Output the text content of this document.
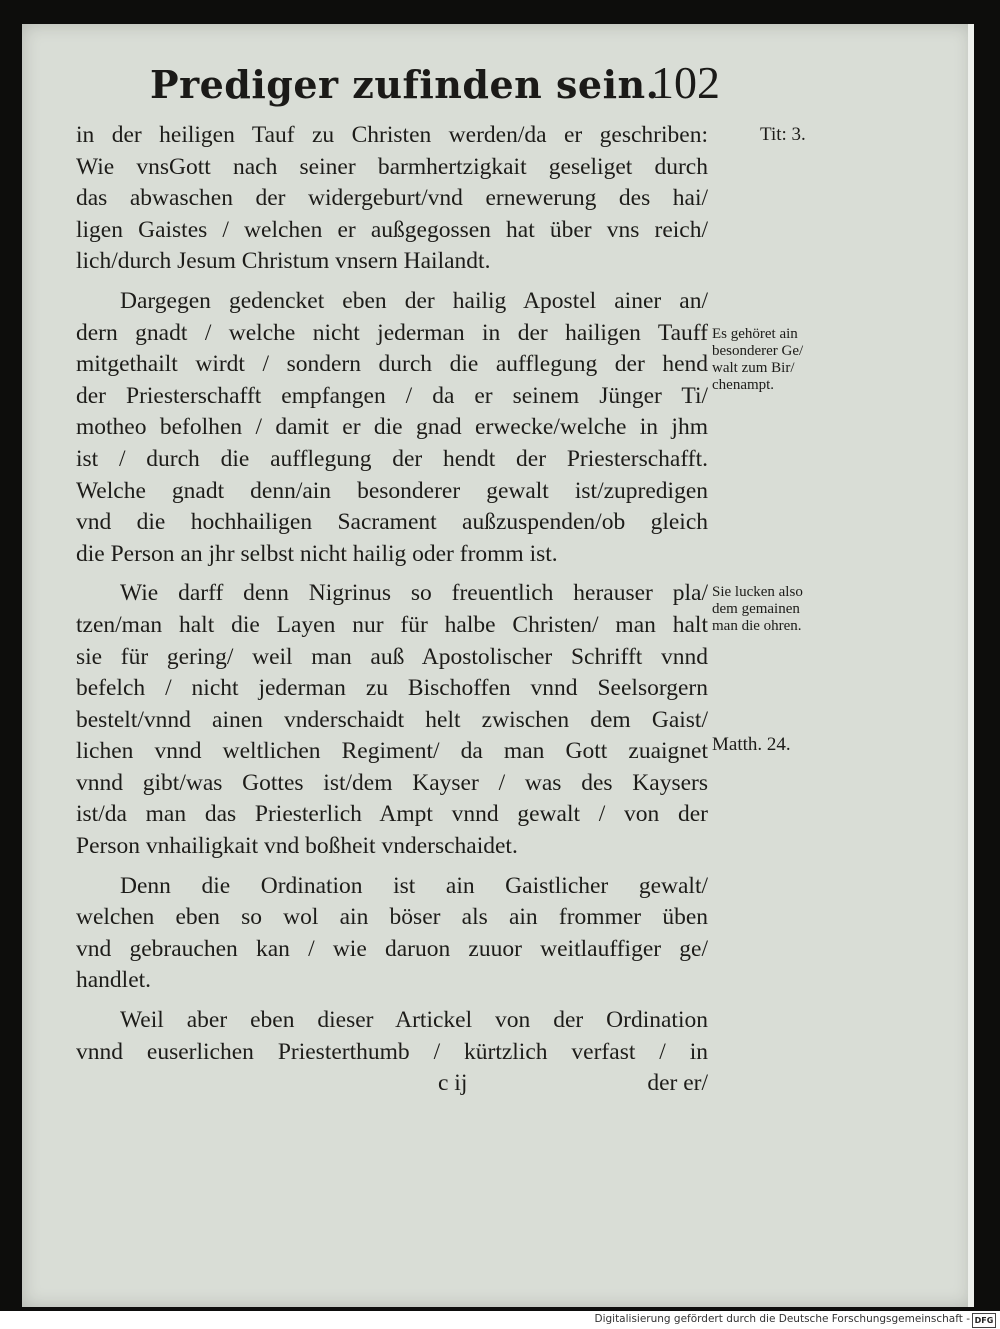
Prediger zufinden sein.
102
in der heiligen Tauf zu Christen werden/da er geschriben:
Wie vnsGott nach seiner barmhertzigkait geseliget durch
das abwaschen der widergeburt/vnd ernewerung des hai/
ligen Gaistes / welchen er außgegossen hat über vns reich/
lich/durch Jesum Christum vnsern Hailandt.
Dargegen gedencket eben der hailig Apostel ainer an/
dern gnadt / welche nicht jederman in der hailigen Tauff
mitgethailt wirdt / sondern durch die aufflegung der hend
der Priesterschafft empfangen / da er seinem Jünger Ti/
motheo befolhen / damit er die gnad erwecke/welche in jhm
ist / durch die aufflegung der hendt der Priesterschafft.
Welche gnadt denn/ain besonderer gewalt ist/zupredigen
vnd die hochhailigen Sacrament außzuspenden/ob gleich
die Person an jhr selbst nicht hailig oder fromm ist.
Wie darff denn Nigrinus so freuentlich herauser pla/
tzen/man halt die Layen nur für halbe Christen/ man halt
sie für gering/ weil man auß Apostolischer Schrifft vnnd
befelch / nicht jederman zu Bischoffen vnnd Seelsorgern
bestelt/vnnd ainen vnderschaidt helt zwischen dem Gaist/
lichen vnnd weltlichen Regiment/ da man Gott zuaignet
vnnd gibt/was Gottes ist/dem Kayser / was des Kaysers
ist/da man das Priesterlich Ampt vnnd gewalt / von der
Person vnhailigkait vnd boßheit vnderschaidet.
Denn die Ordination ist ain Gaistlicher gewalt/
welchen eben so wol ain böser als ain frommer üben
vnd gebrauchen kan / wie daruon zuuor weitlauffiger ge/
handlet.
Weil aber eben dieser Artickel von der Ordination
vnnd euserlichen Priesterthumb / kürtzlich verfast / in
c ij	der er/
Tit: 3.
Es gehöret ain
besonderer Ge/
walt zum Bir/
chenampt.
Sie lucken also
dem gemainen
man die ohren.
Matth. 24.
Digitalisierung gefördert durch die Deutsche Forschungsgemeinschaft - DFG
